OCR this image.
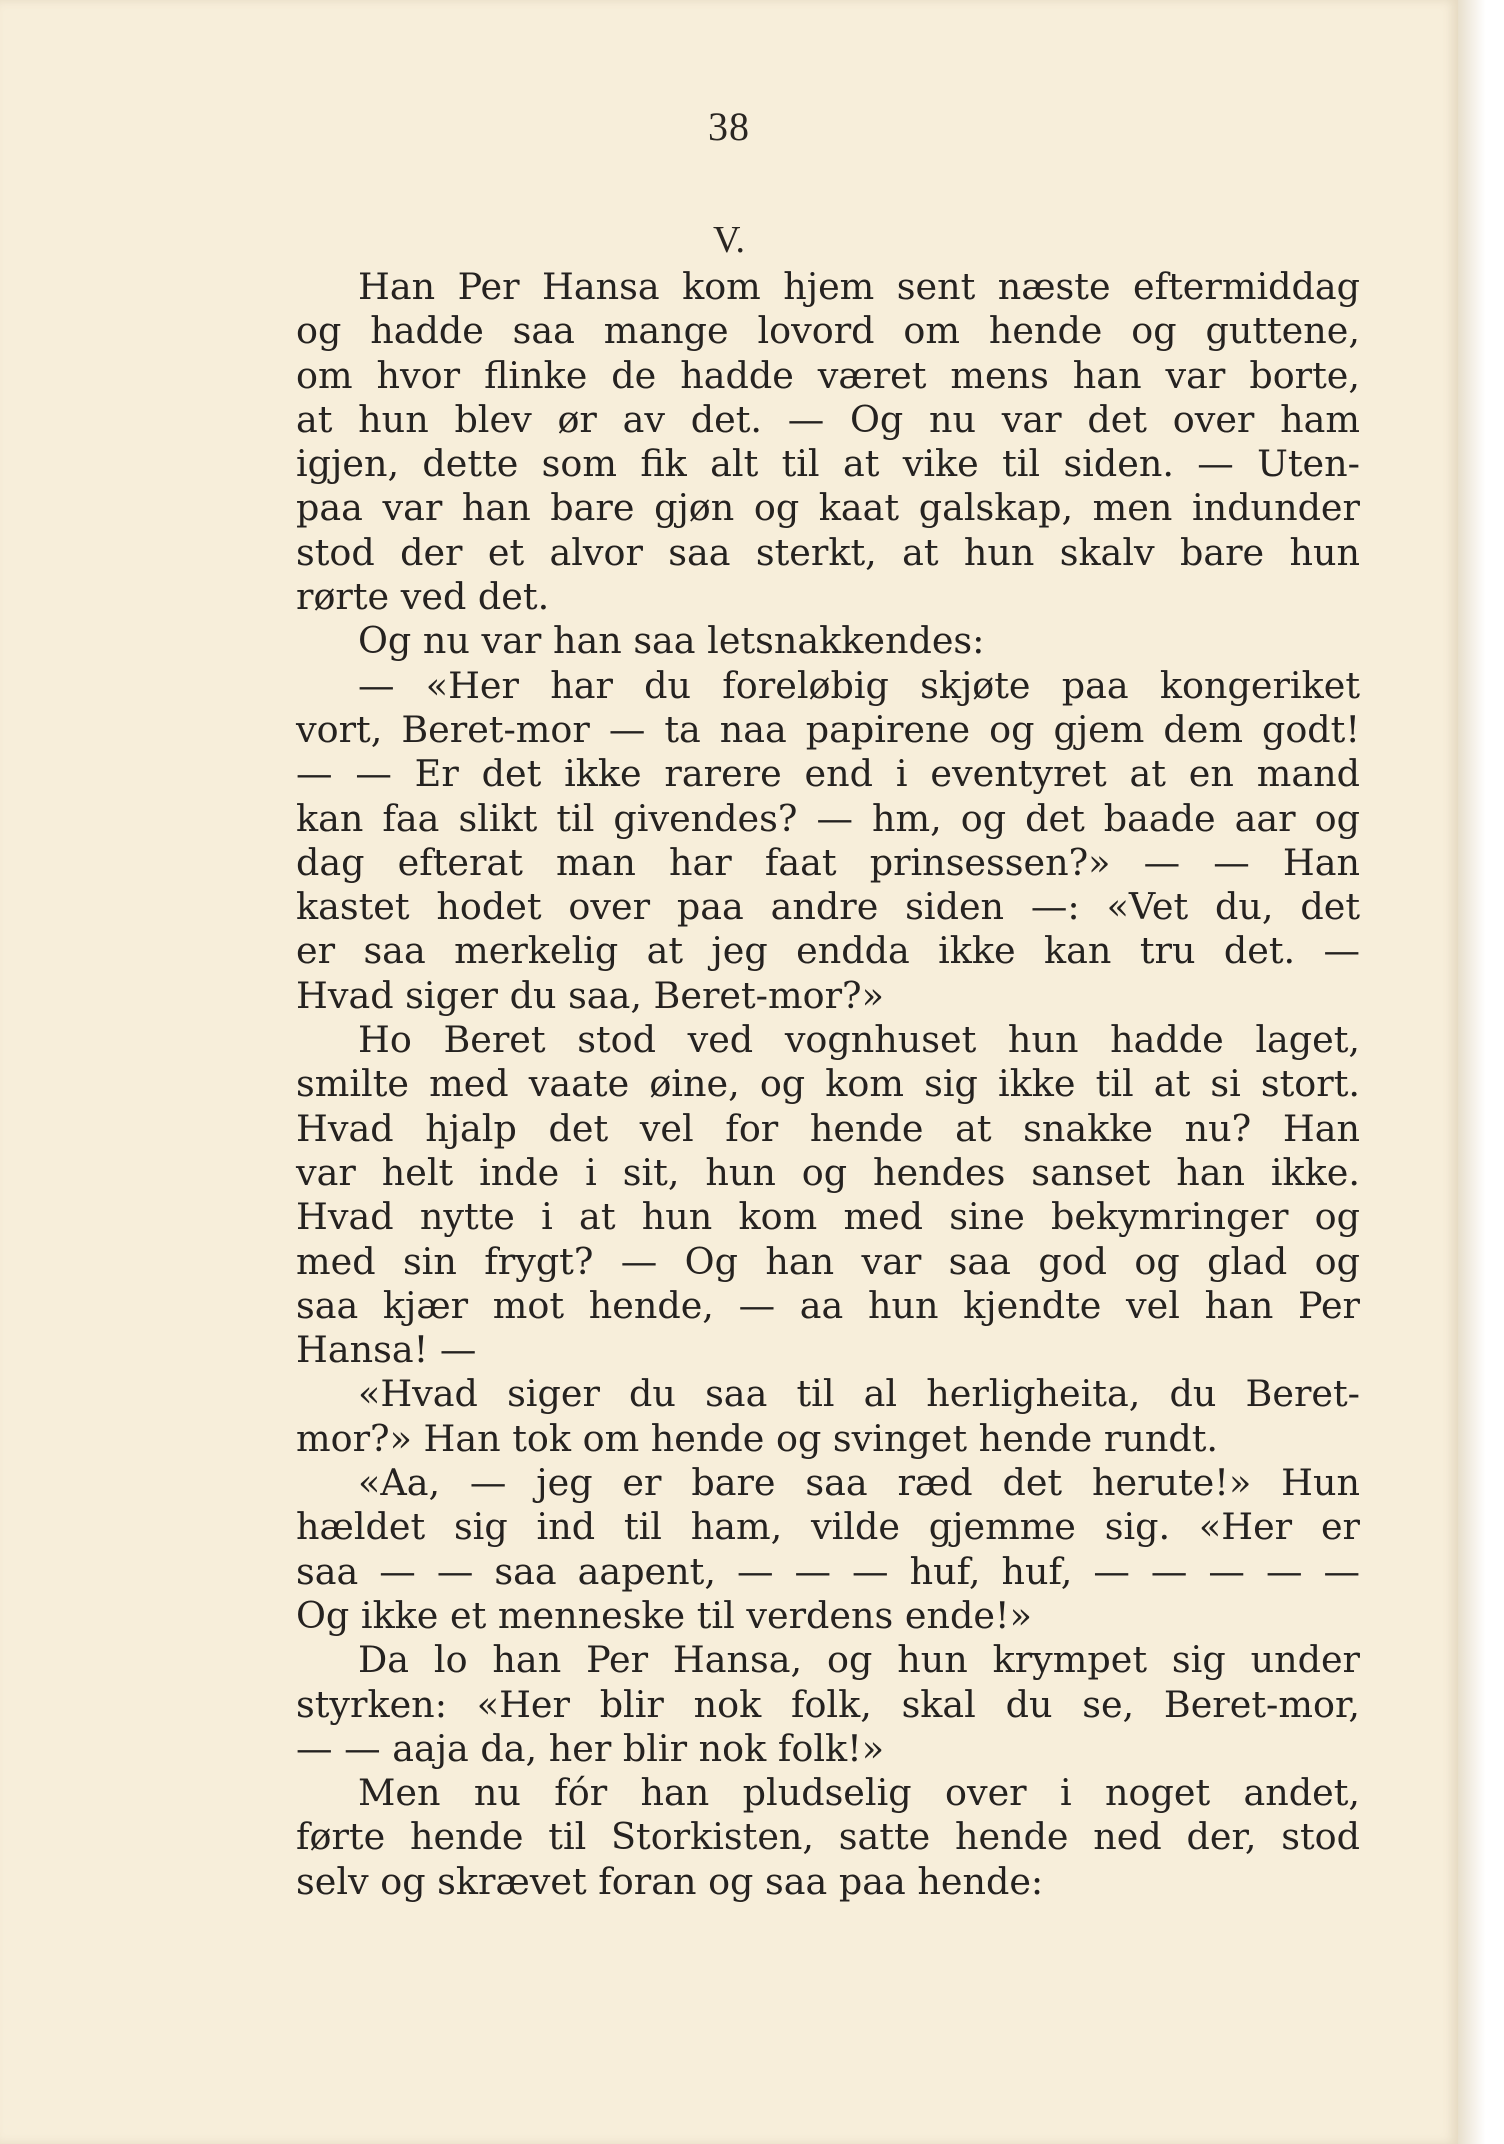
38
V.
Han Per Hansa kom hjem sent næste eftermiddag
og hadde saa mange lovord om hende og guttene,
om hvor flinke de hadde været mens han var borte,
at hun blev ør av det. — Og nu var det over ham
igjen, dette som fik alt til at vike til siden. — Uten-
paa var han bare gjøn og kaat galskap, men indunder
stod der et alvor saa sterkt, at hun skalv bare hun
rørte ved det.
Og nu var han saa letsnakkendes:
— «Her har du foreløbig skjøte paa kongeriket
vort, Beret-mor — ta naa papirene og gjem dem godt!
— — Er det ikke rarere end i eventyret at en mand
kan faa slikt til givendes? — hm, og det baade aar og
dag efterat man har faat prinsessen?» — — Han
kastet hodet over paa andre siden —: «Vet du, det
er saa merkelig at jeg endda ikke kan tru det. —
Hvad siger du saa, Beret-mor?»
Ho Beret stod ved vognhuset hun hadde laget,
smilte med vaate øine, og kom sig ikke til at si stort.
Hvad hjalp det vel for hende at snakke nu? Han
var helt inde i sit, hun og hendes sanset han ikke.
Hvad nytte i at hun kom med sine bekymringer og
med sin frygt? — Og han var saa god og glad og
saa kjær mot hende, — aa hun kjendte vel han Per
Hansa! —
«Hvad siger du saa til al herligheita, du Beret-
mor?» Han tok om hende og svinget hende rundt.
«Aa, — jeg er bare saa ræd det herute!» Hun
hældet sig ind til ham, vilde gjemme sig. «Her er
saa — — saa aapent, — — — huf, huf, — — — — —
Og ikke et menneske til verdens ende!»
Da lo han Per Hansa, og hun krympet sig under
styrken: «Her blir nok folk, skal du se, Beret-mor,
— — aaja da, her blir nok folk!»
Men nu fór han pludselig over i noget andet,
førte hende til Storkisten, satte hende ned der, stod
selv og skrævet foran og saa paa hende:
